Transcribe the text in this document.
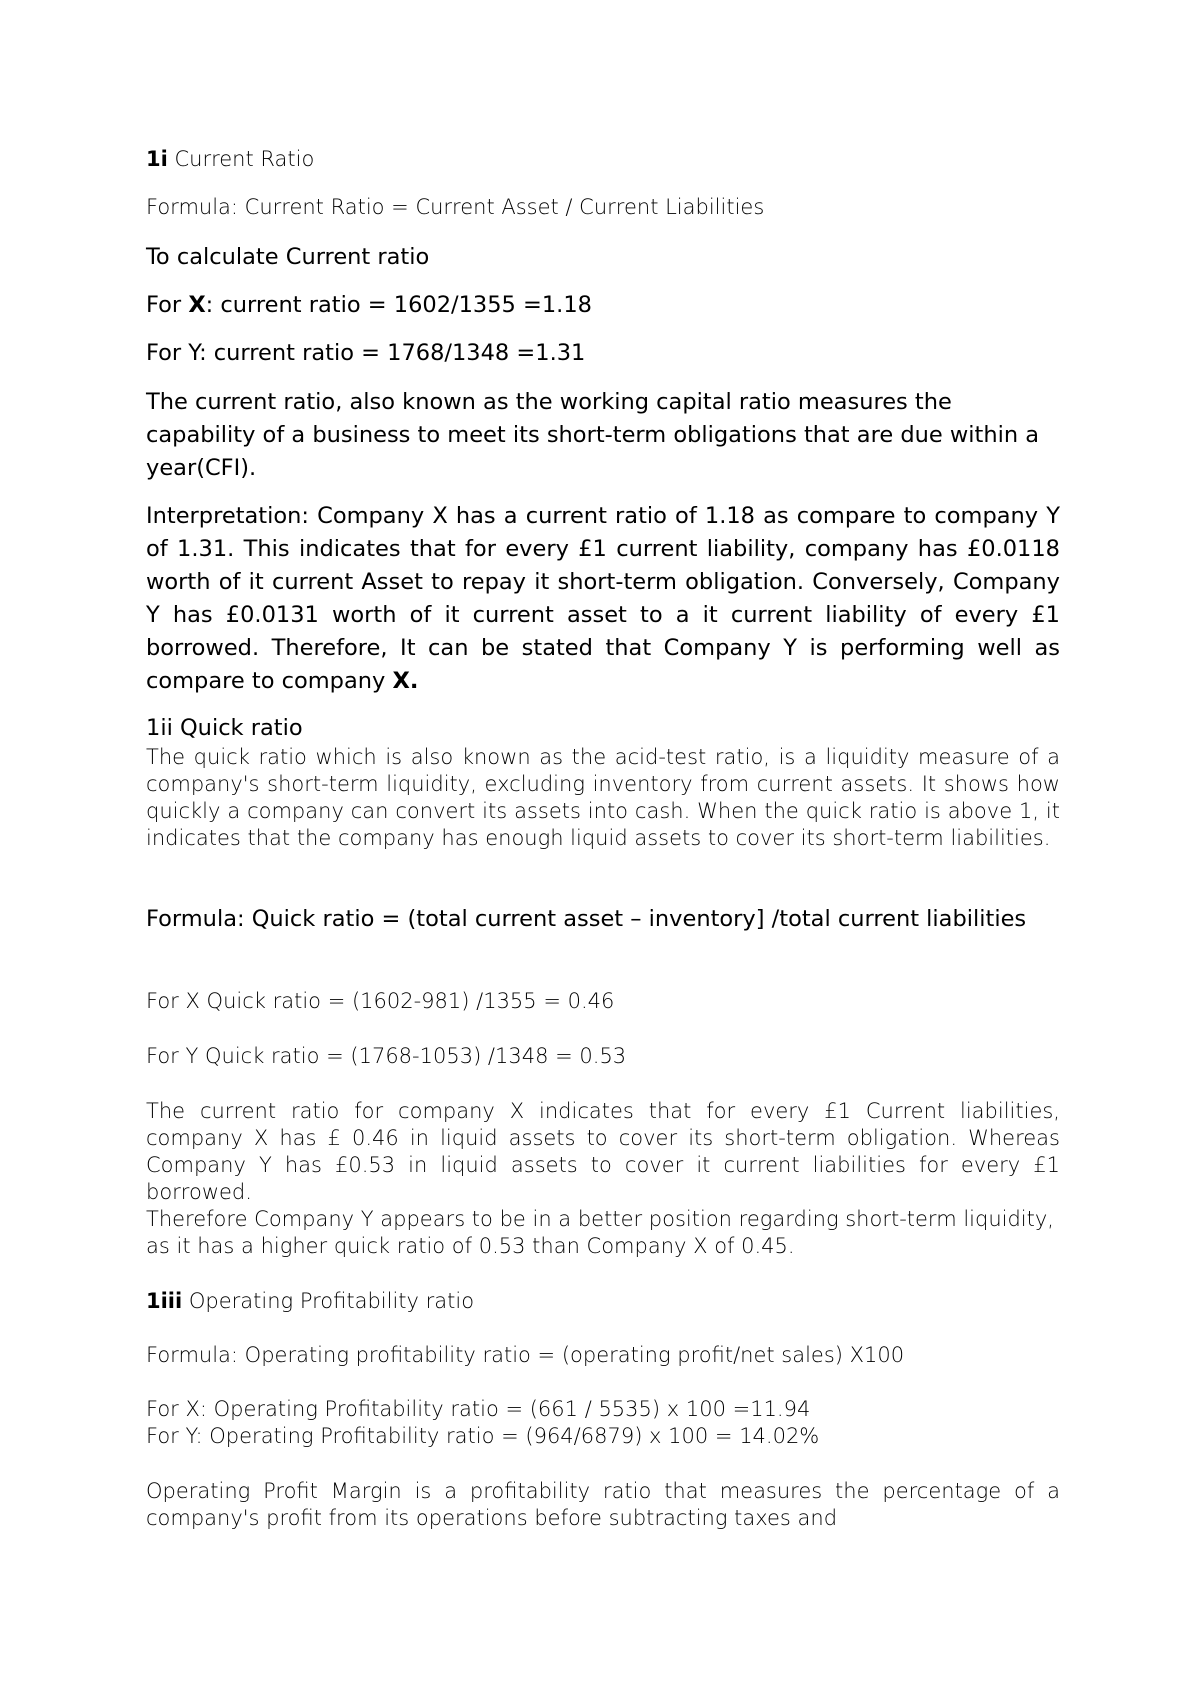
1i Current Ratio

Formula: Current Ratio = Current Asset / Current Liabilities

To calculate Current ratio

For X: current ratio = 1602/1355 =1.18

For Y: current ratio = 1768/1348 =1.31

The current ratio, also known as the working capital ratio measures the capability of a business to meet its short-term obligations that are due within a year(CFI).

Interpretation: Company X has a current ratio of 1.18 as compare to company Y of 1.31. This indicates that for every £1 current liability, company has £0.0118 worth of it current Asset to repay it short-term obligation. Conversely, Company Y has £0.0131 worth of it current asset to a it current liability of every £1 borrowed. Therefore, It can be stated that Company Y is performing well as compare to company X.

1ii Quick ratio

The quick ratio which is also known as the acid-test ratio, is a liquidity measure of a company's short-term liquidity, excluding inventory from current assets. It shows how quickly a company can convert its assets into cash. When the quick ratio is above 1, it indicates that the company has enough liquid assets to cover its short-term liabilities.

Formula: Quick ratio = (total current asset – inventory] /total current liabilities

For X Quick ratio = (1602-981) /1355 = 0.46

For Y Quick ratio = (1768-1053) /1348 = 0.53

The current ratio for company X indicates that for every £1 Current liabilities, company X has £ 0.46 in liquid assets to cover its short-term obligation. Whereas Company Y has £0.53 in liquid assets to cover it current liabilities for every £1 borrowed.

Therefore Company Y appears to be in a better position regarding short-term liquidity, as it has a higher quick ratio of 0.53 than Company X of 0.45.

1iii Operating Profitability ratio

Formula: Operating profitability ratio = (operating profit/net sales) X100

For X: Operating Profitability ratio = (661 / 5535) x 100 =11.94

For Y: Operating Profitability ratio = (964/6879) x 100 = 14.02%

Operating Profit Margin is a profitability ratio that measures the percentage of a company's profit from its operations before subtracting taxes and
